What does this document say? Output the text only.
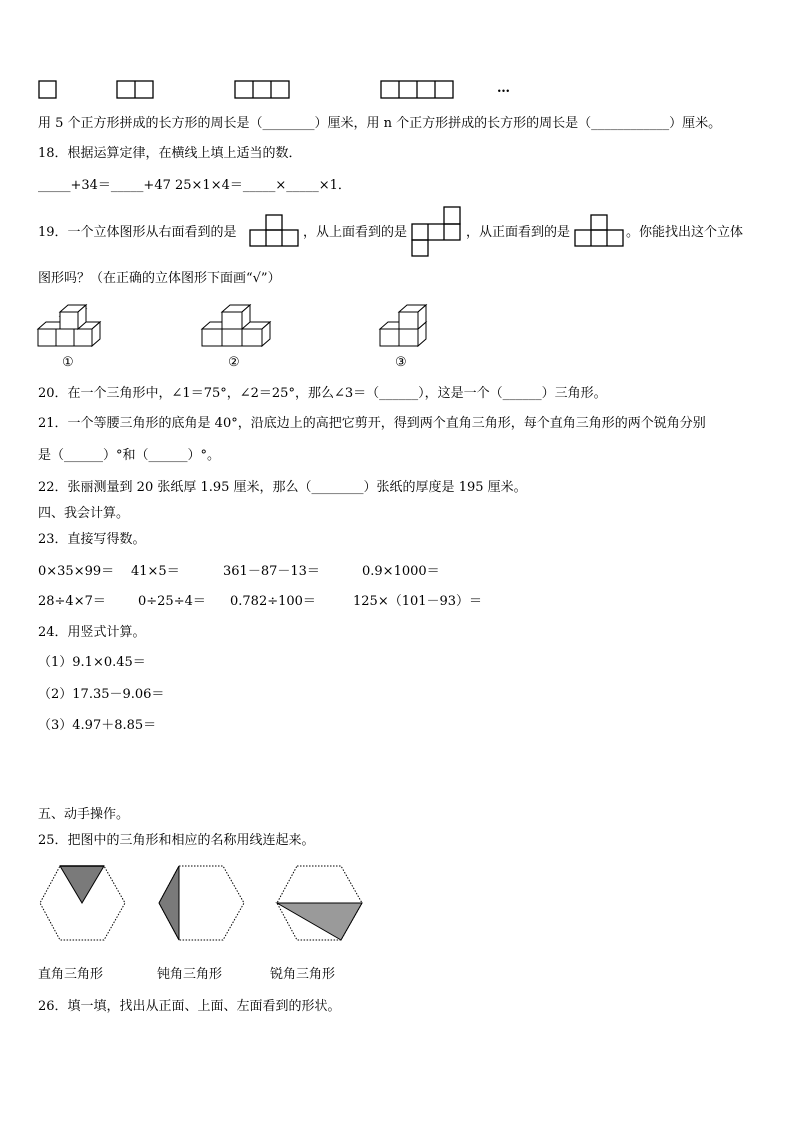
…
用 5 个正方形拼成的长方形的周长是（________）厘米，用 n 个正方形拼成的长方形的周长是（____________）厘米。
18．根据运算定律，在横线上填上适当的数．
_____+34＝_____+47 25×1×4＝_____×_____×1．
19．一个立体图形从右面看到的是	，从上面看到的是	，从正面看到的是	。你能找出这个立体
图形吗？（在正确的立体图形下面画“√”）
①	②	③
20．在一个三角形中，∠1＝75°，∠2＝25°，那么∠3＝（______），这是一个（______）三角形。
21．一个等腰三角形的底角是 40°，沿底边上的高把它剪开，得到两个直角三角形，每个直角三角形的两个锐角分别
是（______）°和（______）°。
22．张丽测量到 20 张纸厚 1.95 厘米，那么（________）张纸的厚度是 195 厘米。
四、我会计算。
23．直接写得数。
0×35×99＝ 41×5＝	361－87－13＝	0.9×1000＝
28÷4×7＝ 0÷25÷4＝ 0.782÷100＝	125×（101－93）＝
24．用竖式计算。
（1）9.1×0.45＝
（2）17.35－9.06＝
（3）4.97＋8.85＝
五、动手操作。
25．把图中的三角形和相应的名称用线连起来。
直角三角形	钝角三角形	锐角三角形
26．填一填，找出从正面、上面、左面看到的形状。
